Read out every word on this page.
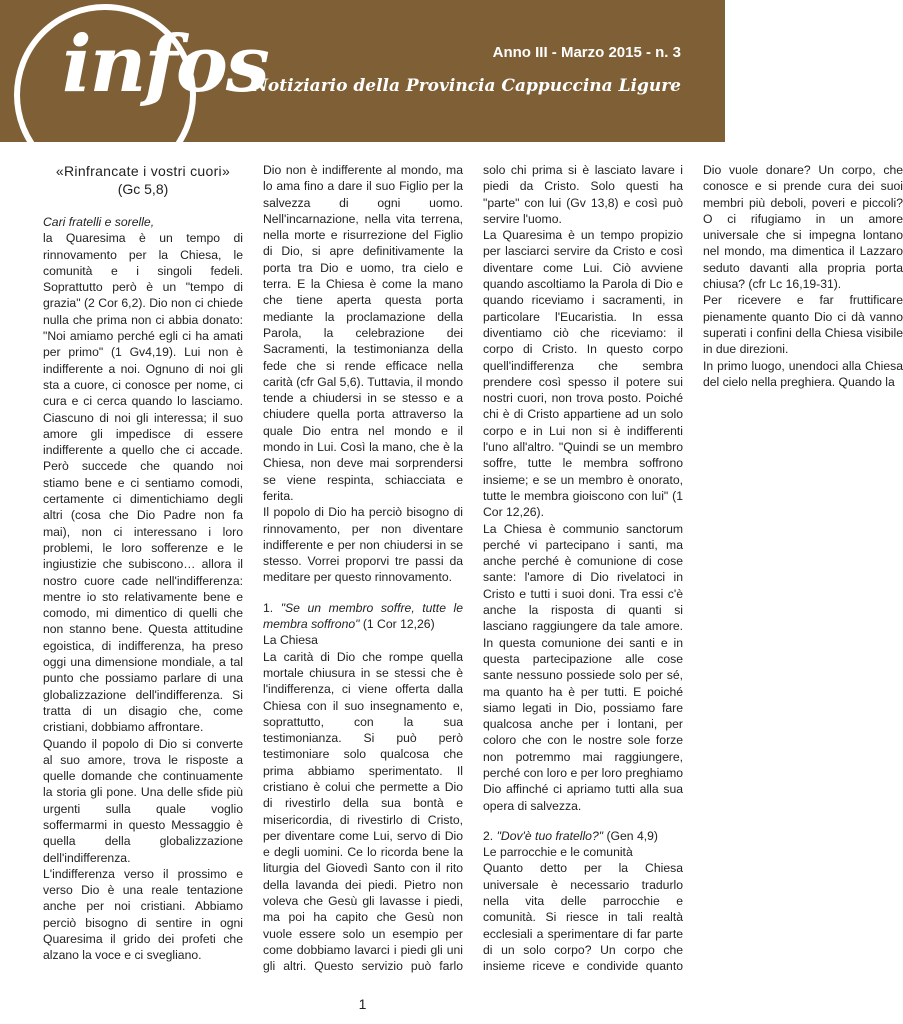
infos	Anno III - Marzo 2015 - n. 3
Notiziario della Provincia Cappuccina Ligure
«Rinfrancate i vostri cuori»
(Gc 5,8)

Cari fratelli e sorelle,

la Quaresima è un tempo di rinnovamento per la Chiesa, le comunità e i singoli fedeli. Soprattutto però è un "tempo di grazia" (2 Cor 6,2). Dio non ci chiede nulla che prima non ci abbia donato: "Noi amiamo perché egli ci ha amati per primo" (1 Gv4,19). Lui non è indifferente a noi. Ognuno di noi gli sta a cuore, ci conosce per nome, ci cura e ci cerca quando lo lasciamo. Ciascuno di noi gli interessa; il suo amore gli impedisce di essere indifferente a quello che ci accade. Però succede che quando noi stiamo bene e ci sentiamo comodi, certamente ci dimentichiamo degli altri (cosa che Dio Padre non fa mai), non ci interessano i loro problemi, le loro sofferenze e le ingiustizie che subiscono… allora il nostro cuore cade nell'indifferenza: mentre io sto relativamente bene e comodo, mi dimentico di quelli che non stanno bene. Questa attitudine egoistica, di indifferenza, ha preso oggi una dimensione mondiale, a tal punto che possiamo parlare di una globalizzazione dell'indifferenza. Si tratta di un disagio che, come cristiani, dobbiamo affrontare.

Quando il popolo di Dio si converte al suo amore, trova le risposte a quelle domande che continuamente la storia gli pone. Una delle sfide più urgenti sulla quale voglio soffermarmi in questo Messaggio è quella della globalizzazione dell'indifferenza.

L'indifferenza verso il prossimo e verso Dio è una reale tentazione anche per noi cristiani. Abbiamo perciò bisogno di sentire in ogni Quaresima il grido dei profeti che alzano la voce e ci svegliano.

Dio non è indifferente al mondo, ma lo ama fino a dare il suo Figlio per la salvezza di ogni uomo. Nell'incarnazione, nella vita terrena, nella morte e risurrezione del Figlio di Dio, si apre definitivamente la porta tra Dio e uomo, tra cielo e terra. E la Chiesa è come la mano che tiene aperta questa porta mediante la proclamazione della Parola, la celebrazione dei Sacramenti, la testimonianza della fede che si rende efficace nella carità (cfr Gal 5,6). Tuttavia, il mondo tende a chiudersi in se stesso e a chiudere quella porta attraverso la quale Dio entra nel mondo e il mondo in Lui. Così la mano, che è la Chiesa, non deve mai sorprendersi se viene respinta, schiacciata e ferita.

Il popolo di Dio ha perciò bisogno di rinnovamento, per non diventare indifferente e per non chiudersi in se stesso. Vorrei proporvi tre passi da meditare per questo rinnovamento.

1. "Se un membro soffre, tutte le membra soffrono" (1 Cor 12,26)

La Chiesa

La carità di Dio che rompe quella mortale chiusura in se stessi che è l'indifferenza, ci viene offerta dalla Chiesa con il suo insegnamento e, soprattutto, con la sua testimonianza. Si può però testimoniare solo qualcosa che prima abbiamo sperimentato. Il cristiano è colui che permette a Dio di rivestirlo della sua bontà e misericordia, di rivestirlo di Cristo, per diventare come Lui, servo di Dio e degli uomini. Ce lo ricorda bene la liturgia del Giovedì Santo con il rito della lavanda dei piedi. Pietro non voleva che Gesù gli lavasse i piedi, ma poi ha capito che Gesù non vuole essere solo un esempio per come dobbiamo lavarci i piedi gli uni gli altri. Questo servizio può farlo solo chi prima si è lasciato lavare i piedi da Cristo. Solo questi ha "parte" con lui (Gv 13,8) e così può servire l'uomo.

La Quaresima è un tempo propizio per lasciarci servire da Cristo e così diventare come Lui. Ciò avviene quando ascoltiamo la Parola di Dio e quando riceviamo i sacramenti, in particolare l'Eucaristia. In essa diventiamo ciò che riceviamo: il corpo di Cristo. In questo corpo quell'indifferenza che sembra prendere così spesso il potere sui nostri cuori, non trova posto. Poiché chi è di Cristo appartiene ad un solo corpo e in Lui non si è indifferenti l'uno all'altro. "Quindi se un membro soffre, tutte le membra soffrono insieme; e se un membro è onorato, tutte le membra gioiscono con lui" (1 Cor 12,26).

La Chiesa è communio sanctorum perché vi partecipano i santi, ma anche perché è comunione di cose sante: l'amore di Dio rivelatoci in Cristo e tutti i suoi doni. Tra essi c'è anche la risposta di quanti si lasciano raggiungere da tale amore. In questa comunione dei santi e in questa partecipazione alle cose sante nessuno possiede solo per sé, ma quanto ha è per tutti. E poiché siamo legati in Dio, possiamo fare qualcosa anche per i lontani, per coloro che con le nostre sole forze non potremmo mai raggiungere, perché con loro e per loro preghiamo Dio affinché ci apriamo tutti alla sua opera di salvezza.

2. "Dov'è tuo fratello?" (Gen 4,9)

Le parrocchie e le comunità

Quanto detto per la Chiesa universale è necessario tradurlo nella vita delle parrocchie e comunità. Si riesce in tali realtà ecclesiali a sperimentare di far parte di un solo corpo? Un corpo che insieme riceve e condivide quanto Dio vuole donare? Un corpo, che conosce e si prende cura dei suoi membri più deboli, poveri e piccoli? O ci rifugiamo in un amore universale che si impegna lontano nel mondo, ma dimentica il Lazzaro seduto davanti alla propria porta chiusa? (cfr Lc 16,19-31).

Per ricevere e far fruttificare pienamente quanto Dio ci dà vanno superati i confini della Chiesa visibile in due direzioni.

In primo luogo, unendoci alla Chiesa del cielo nella preghiera. Quando la

1
